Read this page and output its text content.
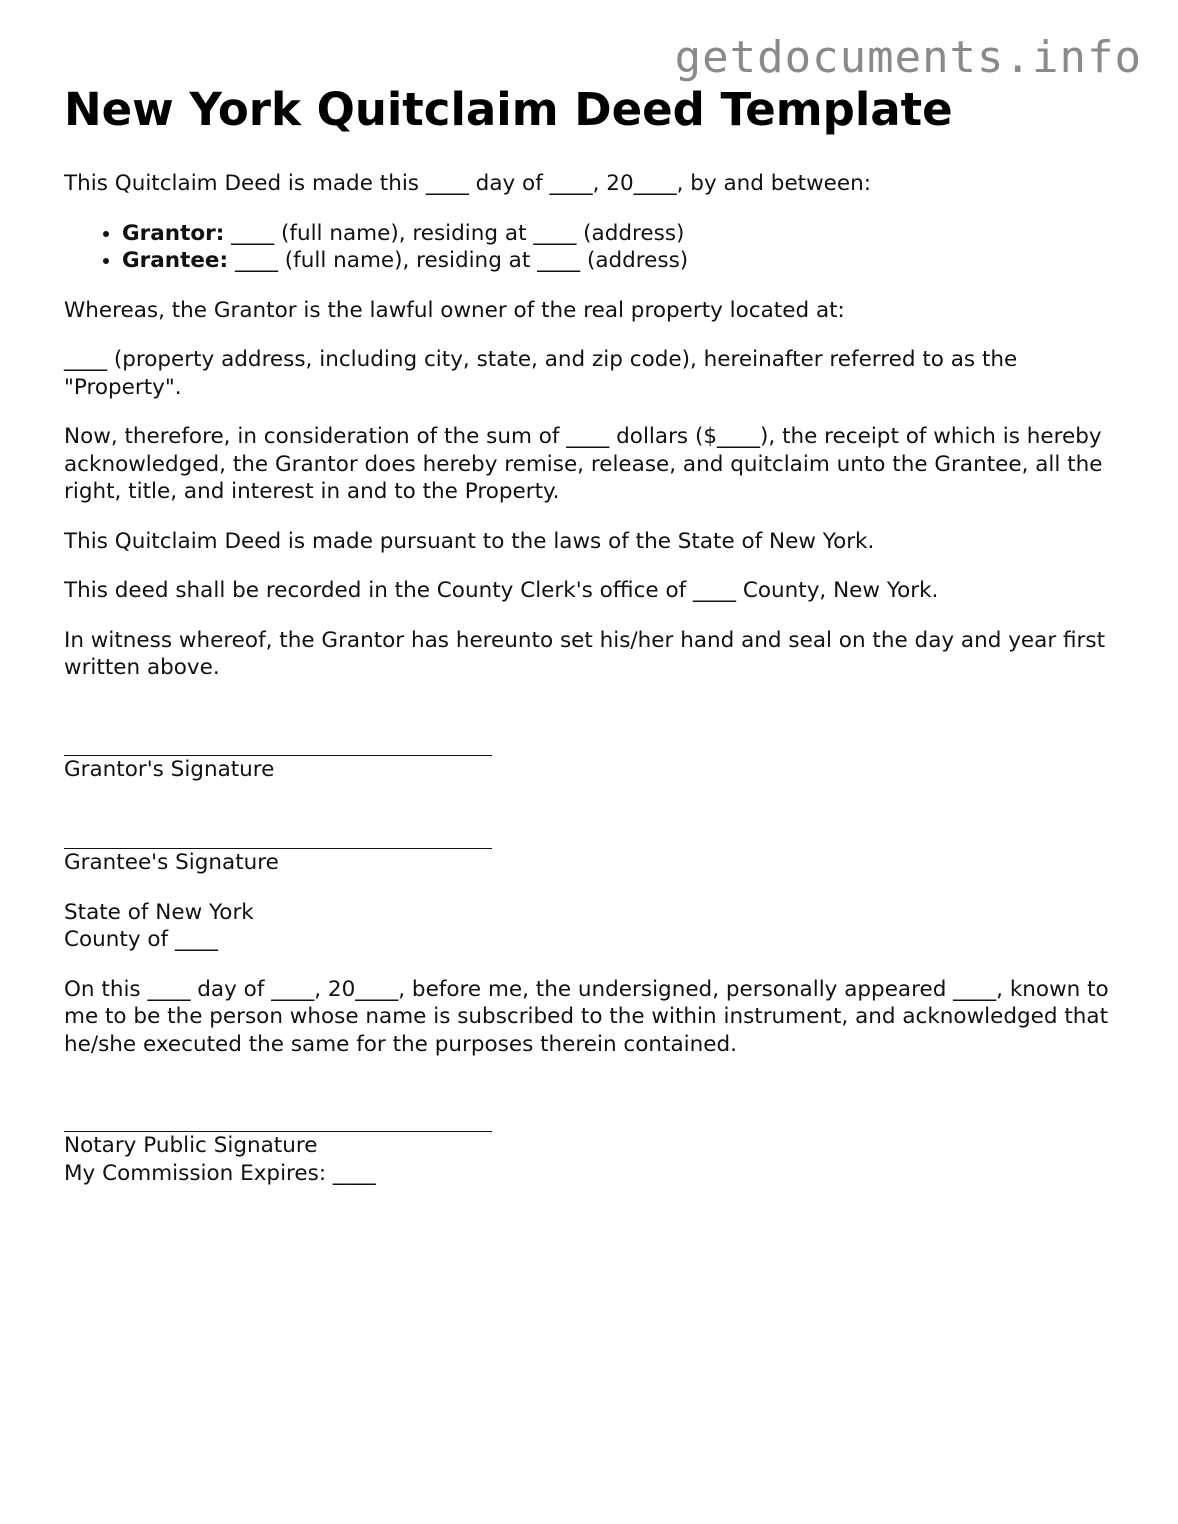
getdocuments.info
New York Quitclaim Deed Template

This Quitclaim Deed is made this ____ day of ____, 20____, by and between:

• Grantor: ____ (full name), residing at ____ (address)
• Grantee: ____ (full name), residing at ____ (address)

Whereas, the Grantor is the lawful owner of the real property located at:

____ (property address, including city, state, and zip code), hereinafter referred to as the "Property".

Now, therefore, in consideration of the sum of ____ dollars ($____), the receipt of which is hereby acknowledged, the Grantor does hereby remise, release, and quitclaim unto the Grantee, all the right, title, and interest in and to the Property.

This Quitclaim Deed is made pursuant to the laws of the State of New York.

This deed shall be recorded in the County Clerk's office of ____ County, New York.

In witness whereof, the Grantor has hereunto set his/her hand and seal on the day and year first written above.

Grantor's Signature
Grantee's Signature

State of New York
County of ____

On this ____ day of ____, 20____, before me, the undersigned, personally appeared ____, known to me to be the person whose name is subscribed to the within instrument, and acknowledged that he/she executed the same for the purposes therein contained.

Notary Public Signature
My Commission Expires: ____
